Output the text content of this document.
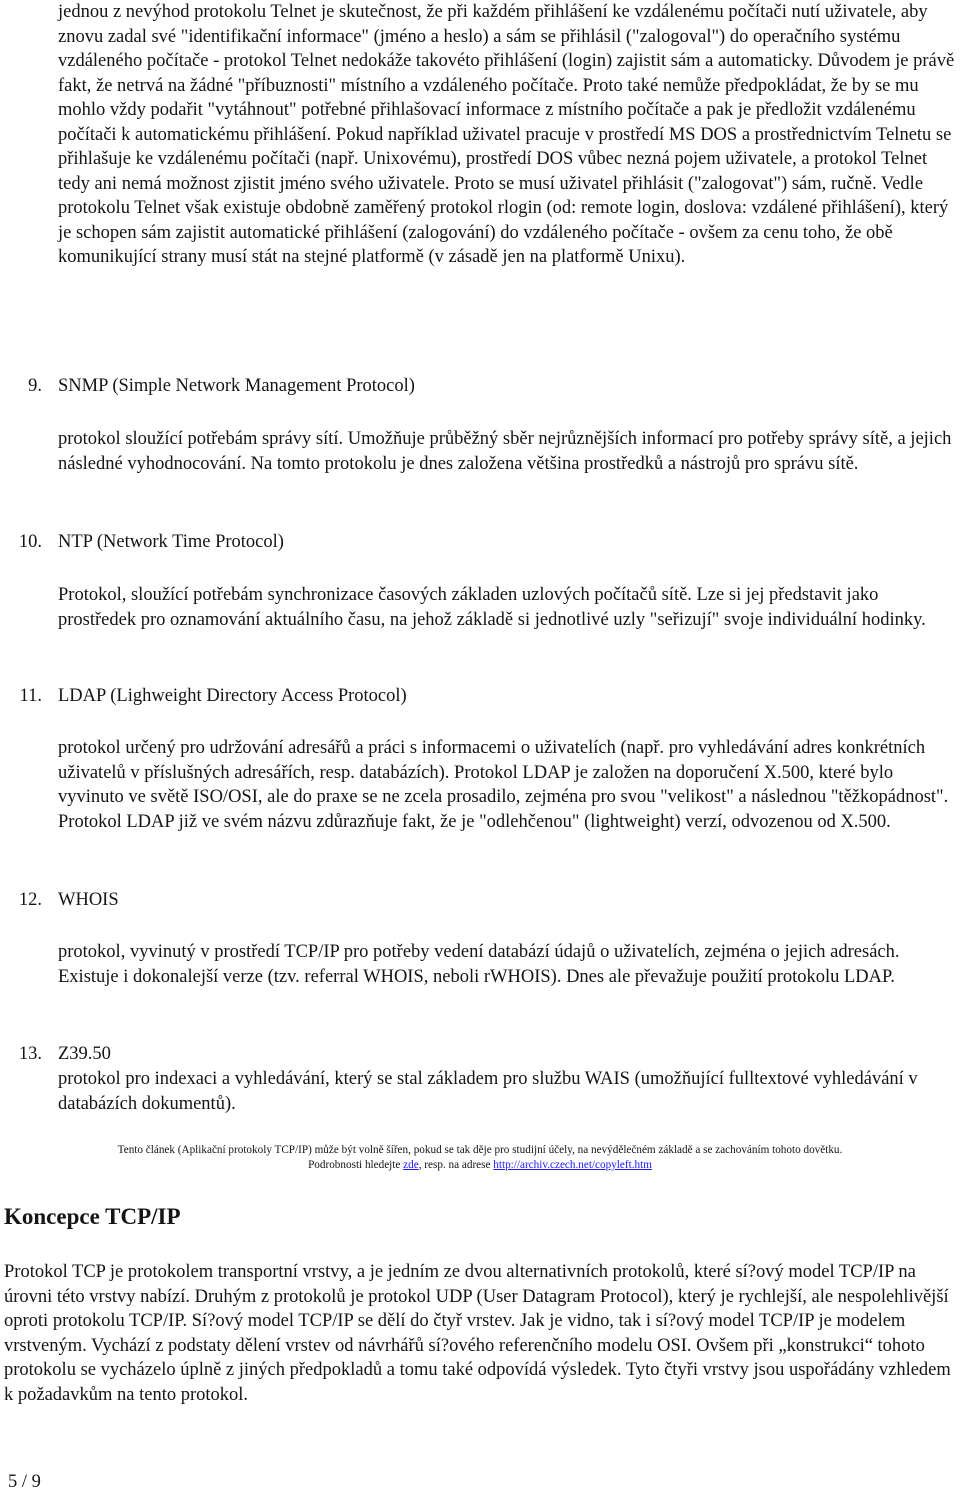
jednou z nevýhod protokolu Telnet je skutečnost, že při každém přihlášení ke vzdálenému počítači nutí uživatele, aby znovu zadal své "identifikační informace" (jméno a heslo) a sám se přihlásil ("zalogoval") do operačního systému vzdáleného počítače - protokol Telnet nedokáže takovéto přihlášení (login) zajistit sám a automaticky. Důvodem je právě fakt, že netrvá na žádné "příbuznosti" místního a vzdáleného počítače. Proto také nemůže předpokládat, že by se mu mohlo vždy podařit "vytáhnout" potřebné přihlašovací informace z místního počítače a pak je předložit vzdálenému počítači k automatickému přihlášení. Pokud například uživatel pracuje v prostředí MS DOS a prostřednictvím Telnetu se přihlašuje ke vzdálenému počítači (např. Unixovému), prostředí DOS vůbec nezná pojem uživatele, a protokol Telnet tedy ani nemá možnost zjistit jméno svého uživatele. Proto se musí uživatel přihlásit ("zalogovat") sám, ručně. Vedle protokolu Telnet však existuje obdobně zaměřený protokol rlogin (od: remote login, doslova: vzdálené přihlášení), který je schopen sám zajistit automatické přihlášení (zalogování) do vzdáleného počítače - ovšem za cenu toho, že obě komunikující strany musí stát na stejné platformě (v zásadě jen na platformě Unixu).

9. SNMP (Simple Network Management Protocol)

protokol sloužící potřebám správy sítí. Umožňuje průběžný sběr nejrůznějších informací pro potřeby správy sítě, a jejich následné vyhodnocování. Na tomto protokolu je dnes založena většina prostředků a nástrojů pro správu sítě.

10. NTP (Network Time Protocol)

Protokol, sloužící potřebám synchronizace časových základen uzlových počítačů sítě. Lze si jej představit jako prostředek pro oznamování aktuálního času, na jehož základě si jednotlivé uzly "seřizují" svoje individuální hodinky.

11. LDAP (Lighweight Directory Access Protocol)

protokol určený pro udržování adresářů a práci s informacemi o uživatelích (např. pro vyhledávání adres konkrétních uživatelů v příslušných adresářích, resp. databázích). Protokol LDAP je založen na doporučení X.500, které bylo vyvinuto ve světě ISO/OSI, ale do praxe se ne zcela prosadilo, zejména pro svou "velikost" a následnou "těžkopádnost". Protokol LDAP již ve svém názvu zdůrazňuje fakt, že je "odlehčenou" (lightweight) verzí, odvozenou od X.500.

12. WHOIS

protokol, vyvinutý v prostředí TCP/IP pro potřeby vedení databází údajů o uživatelích, zejména o jejich adresách. Existuje i dokonalejší verze (tzv. referral WHOIS, neboli rWHOIS). Dnes ale převažuje použití protokolu LDAP.

13. Z39.50

protokol pro indexaci a vyhledávání, který se stal základem pro službu WAIS (umožňující fulltextové vyhledávání v databázích dokumentů).

Tento článek (Aplikační protokoly TCP/IP) může být volně šířen, pokud se tak děje pro studijní účely, na nevýdělečném základě a se zachováním tohoto dovětku.
Podrobnosti hledejte zde, resp. na adrese http://archiv.czech.net/copyleft.htm
Koncepce TCP/IP

Protokol TCP je protokolem transportní vrstvy, a je jedním ze dvou alternativních protokolů, které sí?ový model TCP/IP na úrovni této vrstvy nabízí. Druhým z protokolů je protokol UDP (User Datagram Protocol), který je rychlejší, ale nespolehlivější oproti protokolu TCP/IP. Sí?ový model TCP/IP se dělí do čtyř vrstev. Jak je vidno, tak i sí?ový model TCP/IP je modelem vrstveným. Vychází z podstaty dělení vrstev od návrhářů sí?ového referenčního modelu OSI. Ovšem při „konstrukci“ tohoto protokolu se vycházelo úplně z jiných předpokladů a tomu také odpovídá výsledek. Tyto čtyři vrstvy jsou uspořádány vzhledem k požadavkům na tento protokol.

5 / 9
